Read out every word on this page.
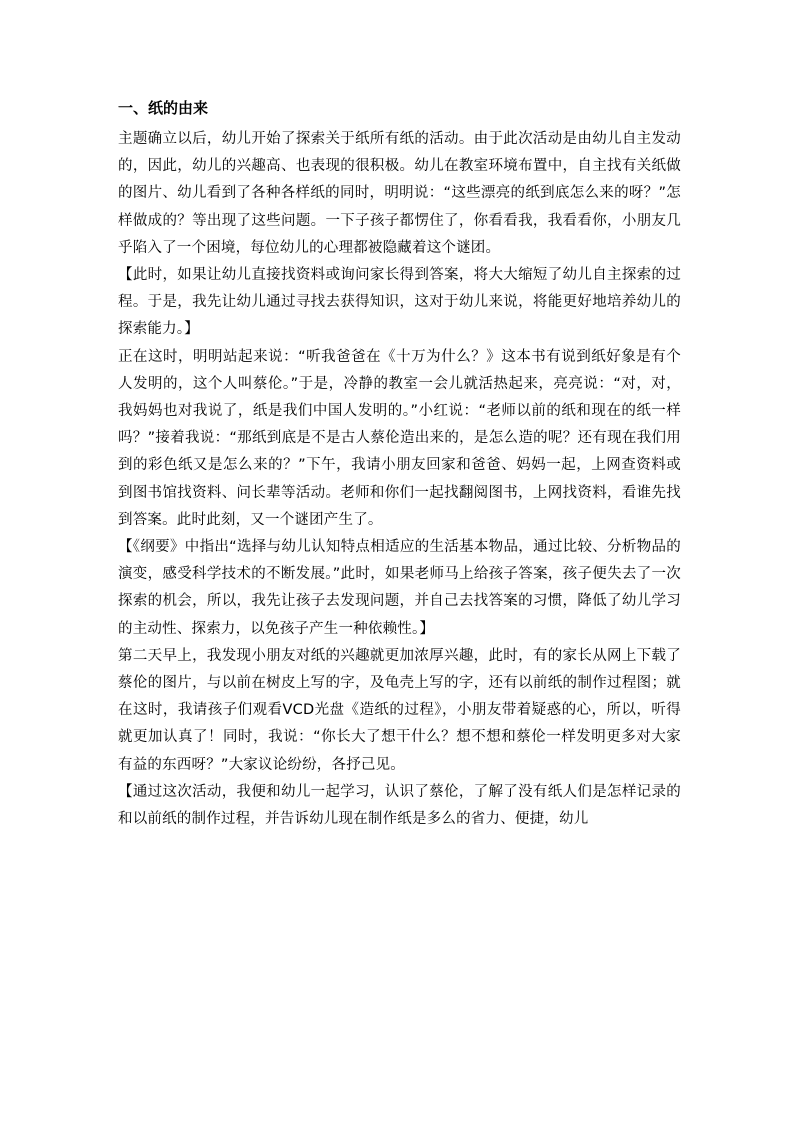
一、纸的由来

主题确立以后，幼儿开始了探索关于纸所有纸的活动。由于此次活动是由幼儿自主发动的，因此，幼儿的兴趣高、也表现的很积极。幼儿在教室环境布置中，自主找有关纸做的图片、幼儿看到了各种各样纸的同时，明明说：“这些漂亮的纸到底怎么来的呀？”怎样做成的？等出现了这些问题。一下子孩子都愣住了，你看看我，我看看你，小朋友几乎陷入了一个困境，每位幼儿的心理都被隐藏着这个谜团。

【此时，如果让幼儿直接找资料或询问家长得到答案，将大大缩短了幼儿自主探索的过程。于是，我先让幼儿通过寻找去获得知识，这对于幼儿来说，将能更好地培养幼儿的探索能力。】

正在这时，明明站起来说：“听我爸爸在《十万为什么？》这本书有说到纸好象是有个人发明的，这个人叫蔡伦。”于是，冷静的教室一会儿就活热起来，亮亮说：“对，对，我妈妈也对我说了，纸是我们中国人发明的。”小红说：“老师以前的纸和现在的纸一样吗？”接着我说：“那纸到底是不是古人蔡伦造出来的，是怎么造的呢？还有现在我们用到的彩色纸又是怎么来的？”下午，我请小朋友回家和爸爸、妈妈一起，上网查资料或到图书馆找资料、问长辈等活动。老师和你们一起找翻阅图书，上网找资料，看谁先找到答案。此时此刻，又一个谜团产生了。

【《纲要》中指出“选择与幼儿认知特点相适应的生活基本物品，通过比较、分析物品的演变，感受科学技术的不断发展。”此时，如果老师马上给孩子答案，孩子便失去了一次探索的机会，所以，我先让孩子去发现问题，并自己去找答案的习惯，降低了幼儿学习的主动性、探索力，以免孩子产生一种依赖性。】

第二天早上，我发现小朋友对纸的兴趣就更加浓厚兴趣，此时，有的家长从网上下载了蔡伦的图片，与以前在树皮上写的字，及龟壳上写的字，还有以前纸的制作过程图；就在这时，我请孩子们观看VCD光盘《造纸的过程》，小朋友带着疑惑的心，所以，听得就更加认真了！同时，我说：“你长大了想干什么？想不想和蔡伦一样发明更多对大家有益的东西呀？”大家议论纷纷，各抒己见。

【通过这次活动，我便和幼儿一起学习，认识了蔡伦，了解了没有纸人们是怎样记录的和以前纸的制作过程，并告诉幼儿现在制作纸是多么的省力、便捷，幼儿
